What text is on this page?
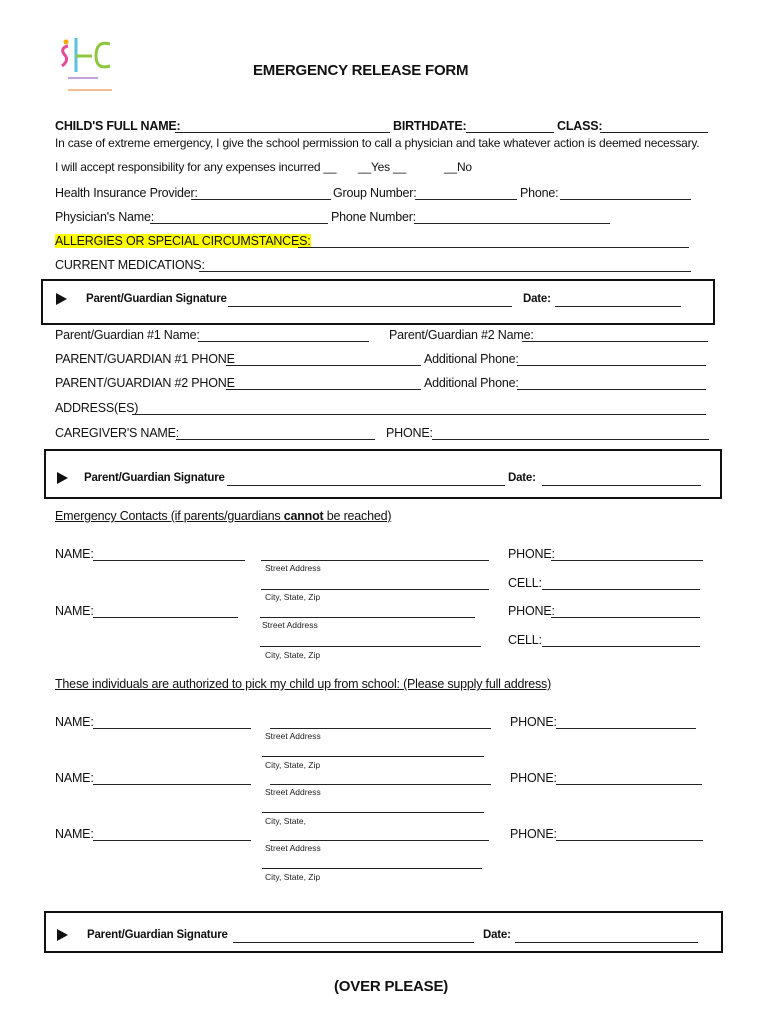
EMERGENCY RELEASE FORM
CHILD'S FULL NAME:	BIRTHDATE:	CLASS:
In case of extreme emergency, I give the school permission to call a physician and take whatever action is deemed necessary.
I will accept responsibility for any expenses incurred __ __Yes __	__No
Health Insurance Provider:	Group Number:	Phone:
Physician's Name:	Phone Number:
ALLERGIES OR SPECIAL CIRCUMSTANCES:
CURRENT MEDICATIONS:
Parent/Guardian Signature	Date:
Parent/Guardian #1 Name:	Parent/Guardian #2 Name:
PARENT/GUARDIAN #1 PHONE	Additional Phone:
PARENT/GUARDIAN #2 PHONE	Additional Phone:
ADDRESS(ES)
CAREGIVER'S NAME:	PHONE:
Parent/Guardian Signature	Date:
Emergency Contacts (if parents/guardians cannot be reached)
NAME:
Street Address
PHONE:
City, State, Zip
CELL:
NAME:
Street Address
PHONE:
City, State, Zip
CELL:
These individuals are authorized to pick my child up from school: (Please supply full address)
NAME:
Street Address
PHONE:
City, State, Zip
NAME:
Street Address
PHONE:
City, State,
NAME:
Street Address
PHONE:
City, State, Zip
Parent/Guardian Signature	Date:
(OVER PLEASE)
